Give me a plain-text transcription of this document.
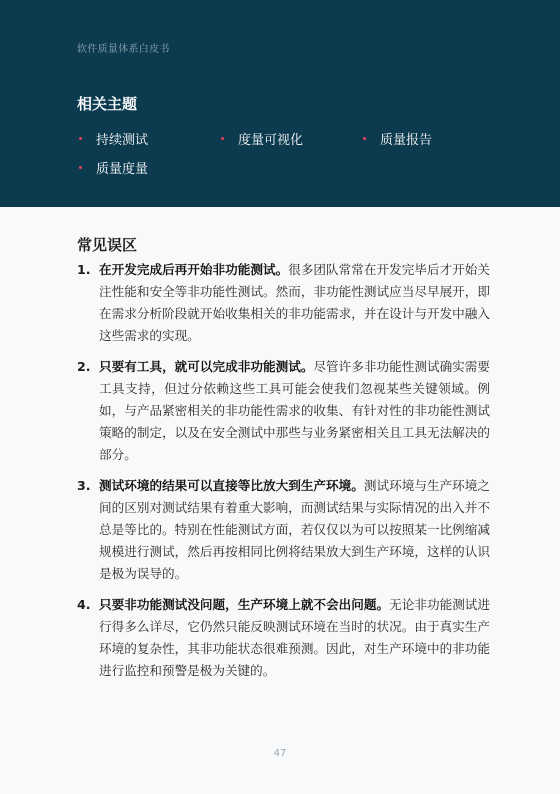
软件质量体系白皮书
相关主题
持续测试	度量可视化	质量报告
质量度量
常见误区
1. 在开发完成后再开始非功能测试。很多团队常常在开发完毕后才开始关注性能和安全等非功能性测试。然而，非功能性测试应当尽早展开，即在需求分析阶段就开始收集相关的非功能需求，并在设计与开发中融入这些需求的实现。
2. 只要有工具，就可以完成非功能测试。尽管许多非功能性测试确实需要工具支持，但过分依赖这些工具可能会使我们忽视某些关键领域。例如，与产品紧密相关的非功能性需求的收集、有针对性的非功能性测试策略的制定，以及在安全测试中那些与业务紧密相关且工具无法解决的部分。
3. 测试环境的结果可以直接等比放大到生产环境。测试环境与生产环境之间的区别对测试结果有着重大影响，而测试结果与实际情况的出入并不总是等比的。特别在性能测试方面，若仅仅以为可以按照某一比例缩减规模进行测试，然后再按相同比例将结果放大到生产环境，这样的认识是极为误导的。
4. 只要非功能测试没问题，生产环境上就不会出问题。无论非功能测试进行得多么详尽，它仍然只能反映测试环境在当时的状况。由于真实生产环境的复杂性，其非功能状态很难预测。因此，对生产环境中的非功能进行监控和预警是极为关键的。
47
